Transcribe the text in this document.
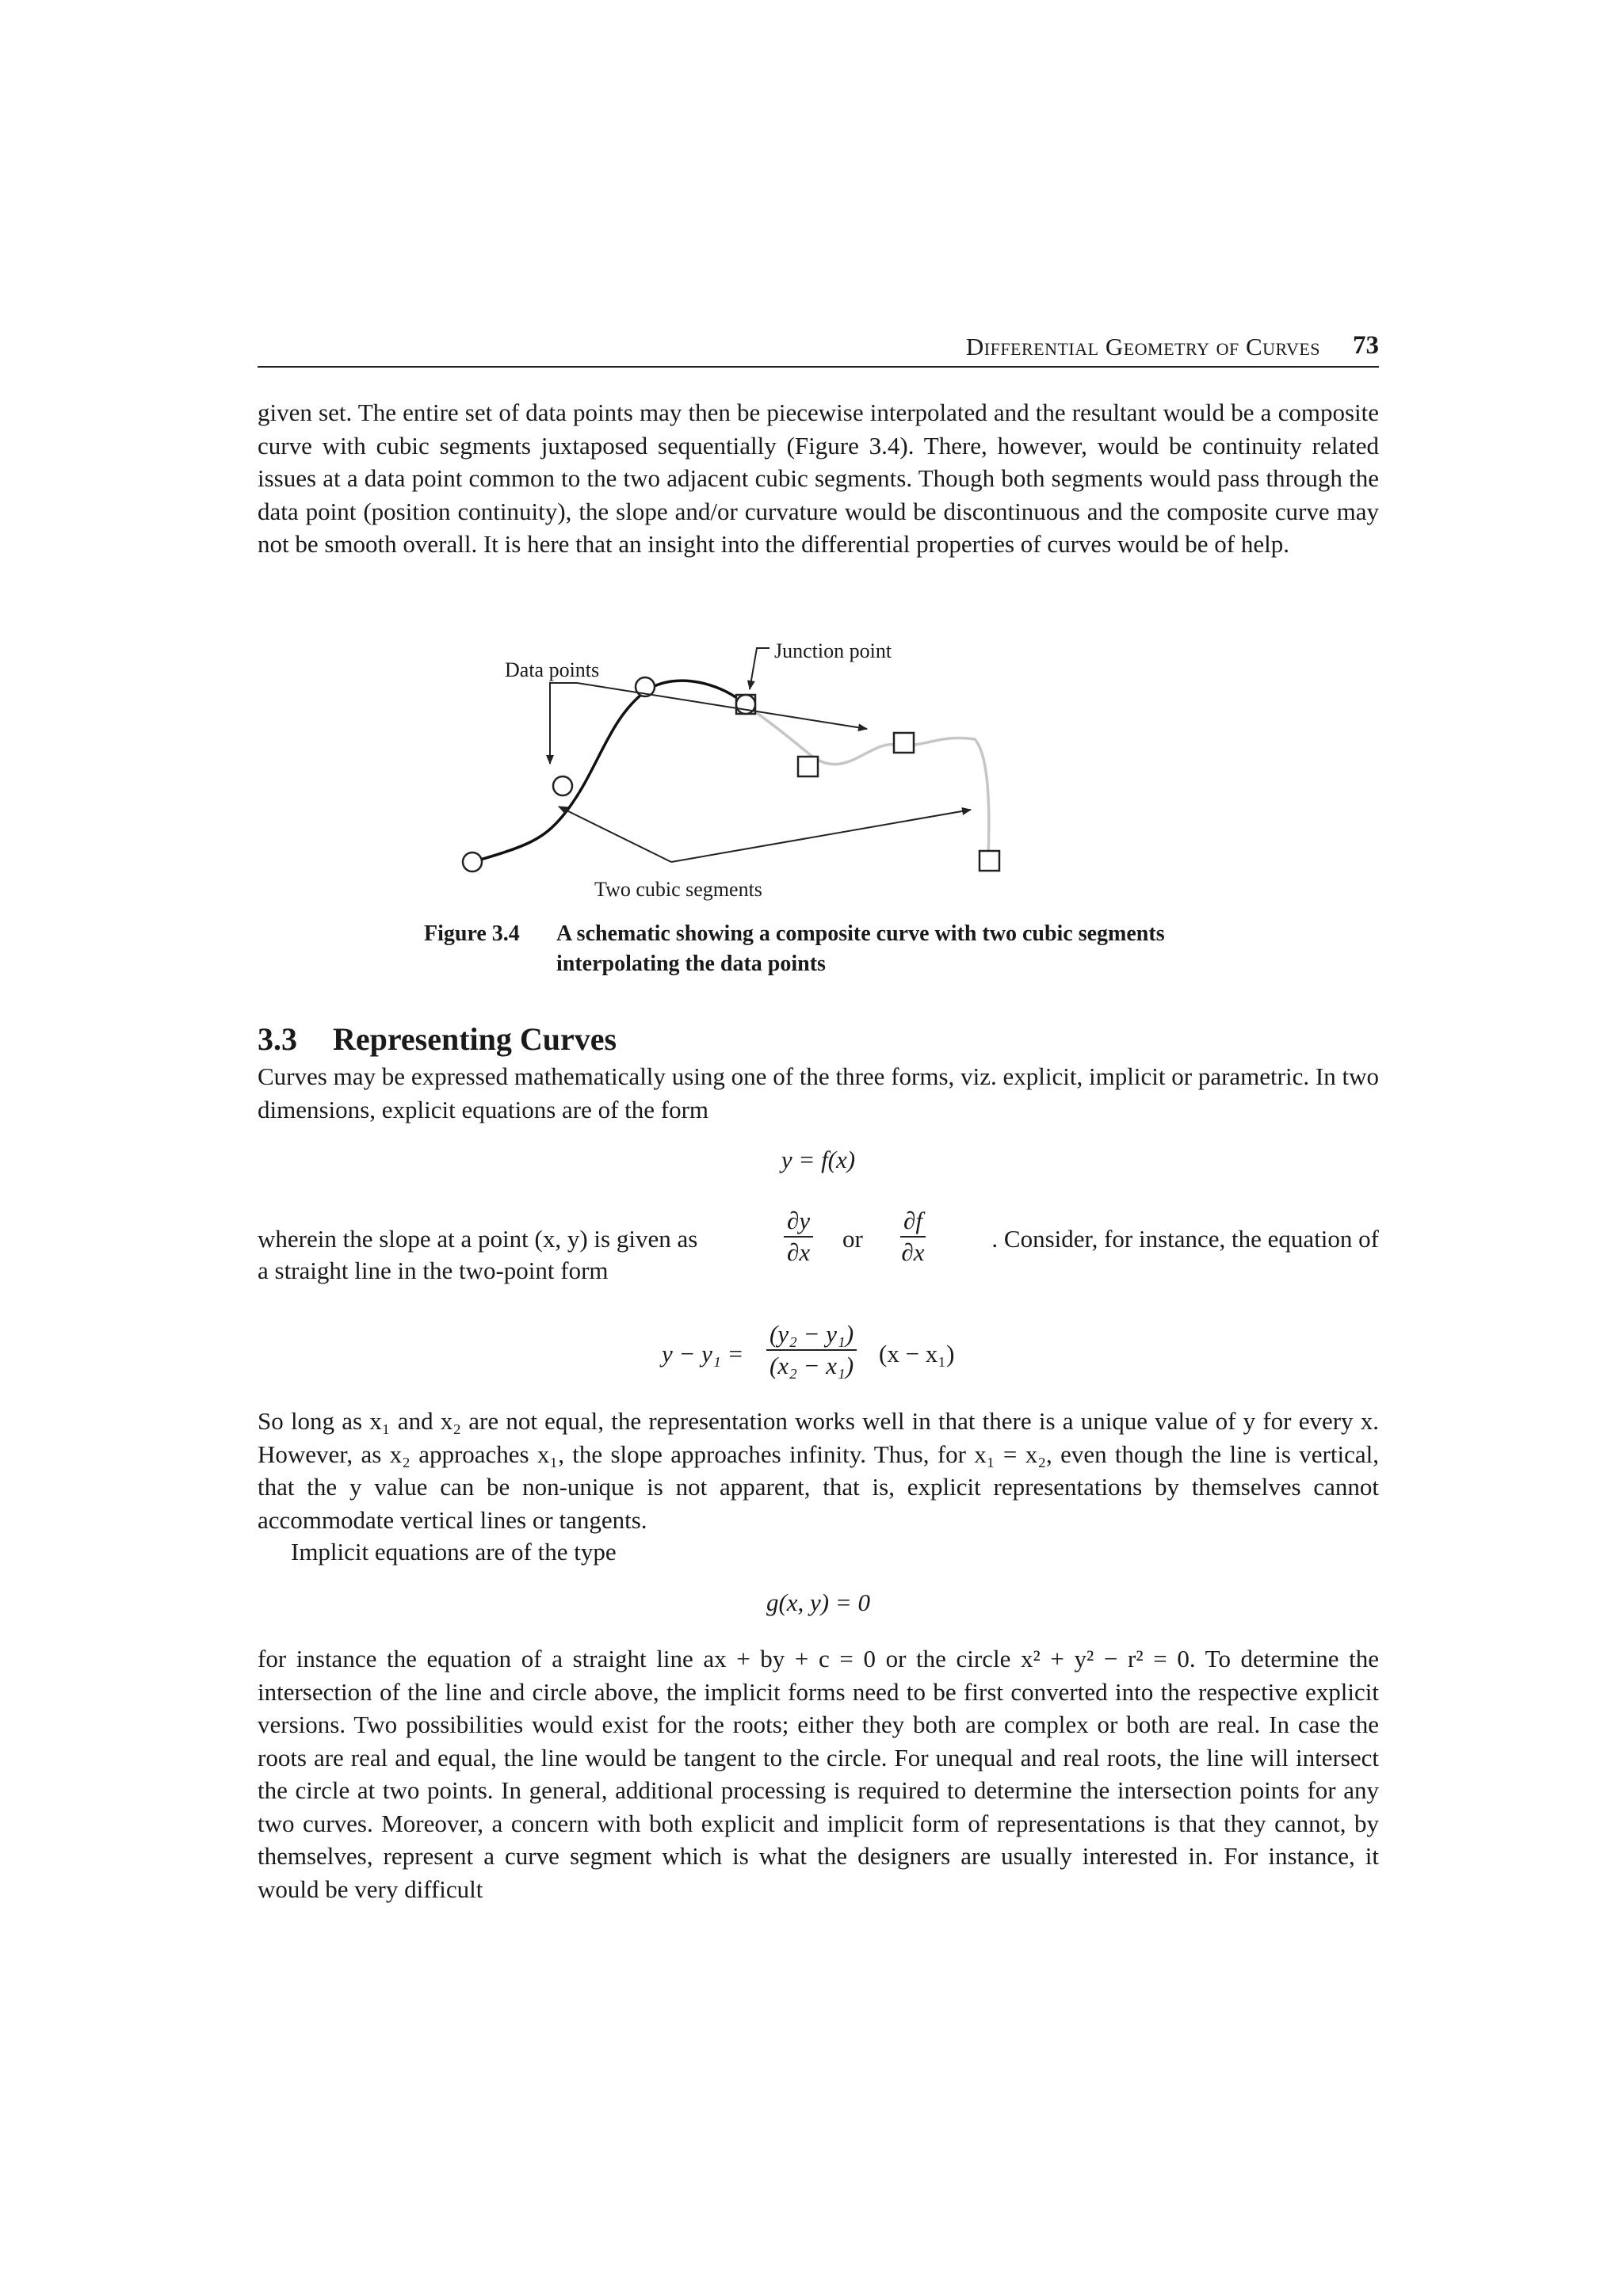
Differential Geometry of Curves 73

given set. The entire set of data points may then be piecewise interpolated and the resultant would be a composite curve with cubic segments juxtaposed sequentially (Figure 3.4). There, however, would be continuity related issues at a data point common to the two adjacent cubic segments. Though both segments would pass through the data point (position continuity), the slope and/or curvature would be discontinuous and the composite curve may not be smooth overall. It is here that an insight into the differential properties of curves would be of help.

Data points
Junction point
Two cubic segments
Figure 3.4 A schematic showing a composite curve with two cubic segments interpolating the data points
3.3 Representing Curves

Curves may be expressed mathematically using one of the three forms, viz. explicit, implicit or parametric. In two dimensions, explicit equations are of the form

y = f(x)
wherein the slope at a point (x, y) is given as	$\frac{\partial y}{\partial x}$ or $\frac{\partial f}{\partial x}$	. Consider, for instance, the equation of
a straight line in the two-point form
$y - y_1 = \frac{\text{(y₂ − y₁)}}{\text{(x₂ − x₁)}} (x - x_1)$

So long as x₁ and x₂ are not equal, the representation works well in that there is a unique value of y for every x. However, as x₂ approaches x₁, the slope approaches infinity. Thus, for x₁ = x₂, even though the line is vertical, that the y value can be non-unique is not apparent, that is, explicit representations by themselves cannot accommodate vertical lines or tangents.

Implicit equations are of the type

g(x, y) = 0

for instance the equation of a straight line ax + by + c = 0 or the circle x² + y² − r² = 0. To determine the intersection of the line and circle above, the implicit forms need to be first converted into the respective explicit versions. Two possibilities would exist for the roots; either they both are complex or both are real. In case the roots are real and equal, the line would be tangent to the circle. For unequal and real roots, the line will intersect the circle at two points. In general, additional processing is required to determine the intersection points for any two curves. Moreover, a concern with both explicit and implicit form of representations is that they cannot, by themselves, represent a curve segment which is what the designers are usually interested in. For instance, it would be very difficult
